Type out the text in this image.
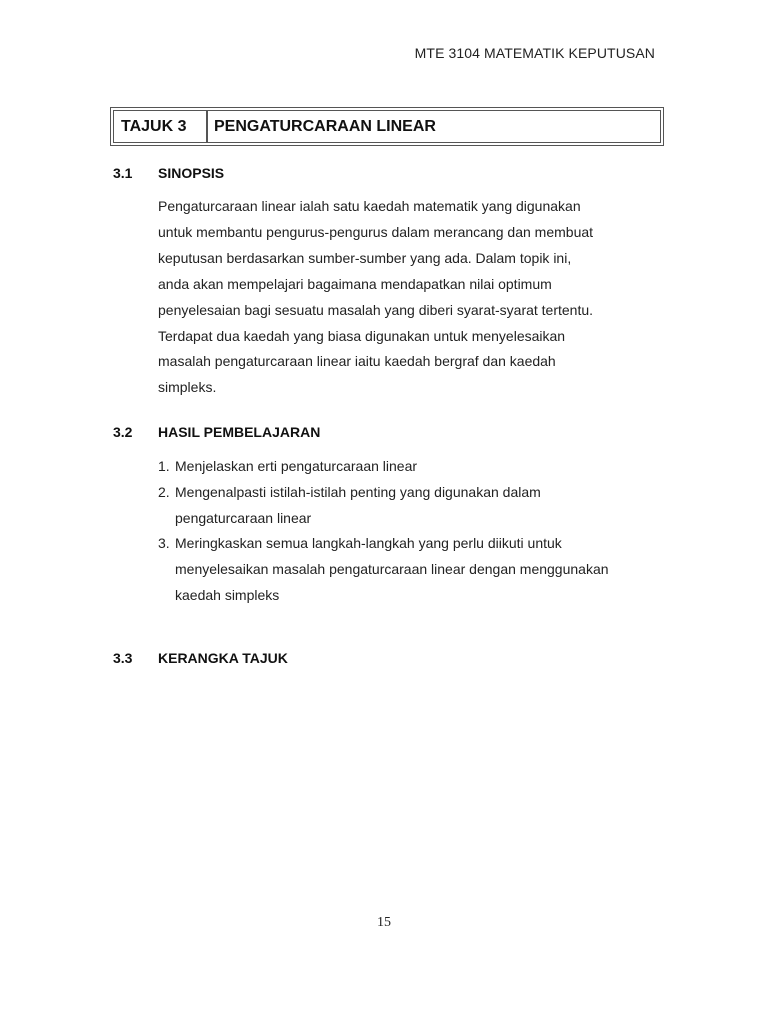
MTE 3104 MATEMATIK KEPUTUSAN
TAJUK 3	PENGATURCARAAN LINEAR
3.1	SINOPSIS
Pengaturcaraan linear ialah satu kaedah matematik yang digunakan
untuk membantu pengurus-pengurus dalam merancang dan membuat
keputusan berdasarkan sumber-sumber yang ada. Dalam topik ini,
anda akan mempelajari bagaimana mendapatkan nilai optimum
penyelesaian bagi sesuatu masalah yang diberi syarat-syarat tertentu.
Terdapat dua kaedah yang biasa digunakan untuk menyelesaikan
masalah pengaturcaraan linear iaitu kaedah bergraf dan kaedah
simpleks.
3.2	HASIL PEMBELAJARAN
1. Menjelaskan erti pengaturcaraan linear
2. Mengenalpasti istilah-istilah penting yang digunakan dalam
pengaturcaraan linear
3. Meringkaskan semua langkah-langkah yang perlu diikuti untuk
menyelesaikan masalah pengaturcaraan linear dengan menggunakan
kaedah simpleks
3.3	KERANGKA TAJUK
15
